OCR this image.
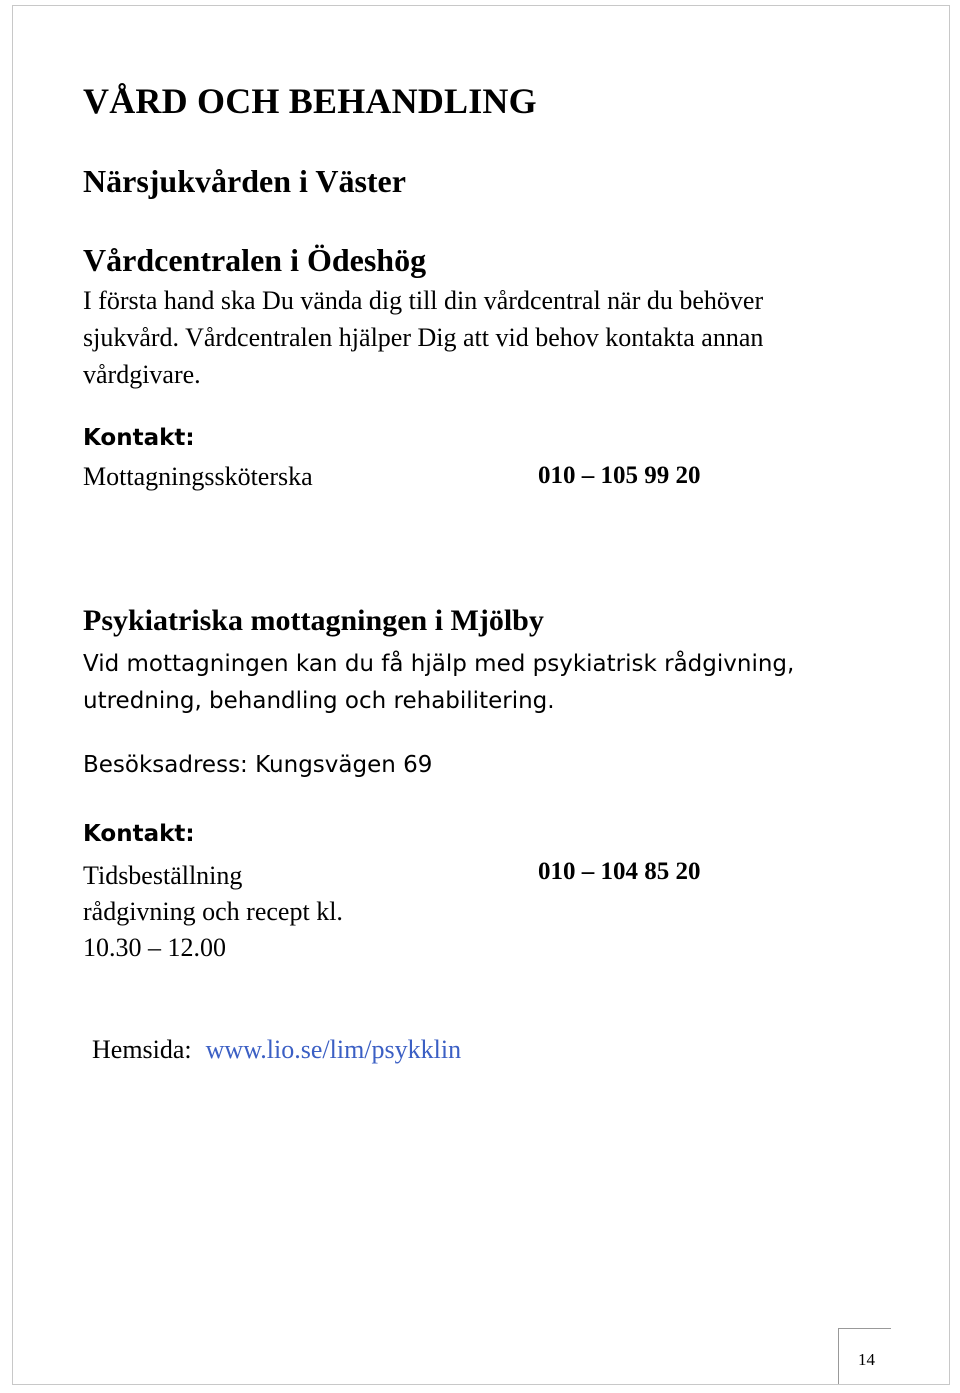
VÅRD OCH BEHANDLING
Närsjukvården i Väster
Vårdcentralen i Ödeshög
I första hand ska Du vända dig till din vårdcentral när du behöver sjukvård. Vårdcentralen hjälper Dig att vid behov kontakta annan vårdgivare.
Kontakt:
Mottagningssköterska	010 – 105 99 20
Psykiatriska mottagningen i Mjölby
Vid mottagningen kan du få hjälp med psykiatrisk rådgivning, utredning, behandling och rehabilitering.
Besöksadress: Kungsvägen 69
Kontakt:
Tidsbeställning rådgivning och recept kl. 10.30 – 12.00
010 – 104 85 20
Hemsida: www.lio.se/lim/psykklin
14
